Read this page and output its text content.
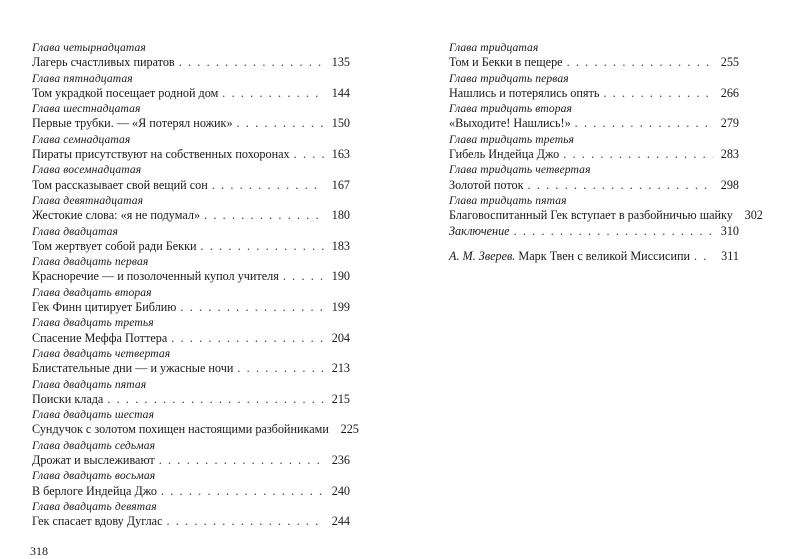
Глава четырнадцатая
Лагерь счастливых пиратов . . .	135
Глава пятнадцатая
Том украдкой посещает родной дом . . .	144
Глава шестнадцатая
Первые трубки. — «Я потерял ножик» . . .	150
Глава семнадцатая
Пираты присутствуют на собственных похоронах . . .	163
Глава восемнадцатая
Том рассказывает свой вещий сон . . .	167
Глава девятнадцатая
Жестокие слова: «я не подумал» . . .	180
Глава двадцатая
Том жертвует собой ради Бекки . . .	183
Глава двадцать первая
Красноречие — и позолоченный купол учителя . . .	190
Глава двадцать вторая
Гек Финн цитирует Библию . . .	199
Глава двадцать третья
Спасение Меффа Поттера . . .	204
Глава двадцать четвертая
Блистательные дни — и ужасные ночи . . .	213
Глава двадцать пятая
Поиски клада . . .	215
Глава двадцать шестая
Сундучок с золотом похищен настоящими разбойниками 225
Глава двадцать седьмая
Дрожат и выслеживают . . .	236
Глава двадцать восьмая
В берлоге Индейца Джо . . .	240
Глава двадцать девятая
Гек спасает вдову Дуглас . . .	244
Глава тридцатая
Том и Бекки в пещере . . .	255
Глава тридцать первая
Нашлись и потерялись опять . . .	266
Глава тридцать вторая
«Выходите! Нашлись!» . . .	279
Глава тридцать третья
Гибель Индейца Джо . . .	283
Глава тридцать четвертая
Золотой поток . . .	298
Глава тридцать пятая
Благовоспитанный Гек вступает в разбойничью шайку 302
Заключение . . .	310
А. М. Зверев. Марк Твен с великой Миссисипи . . .	311
318
